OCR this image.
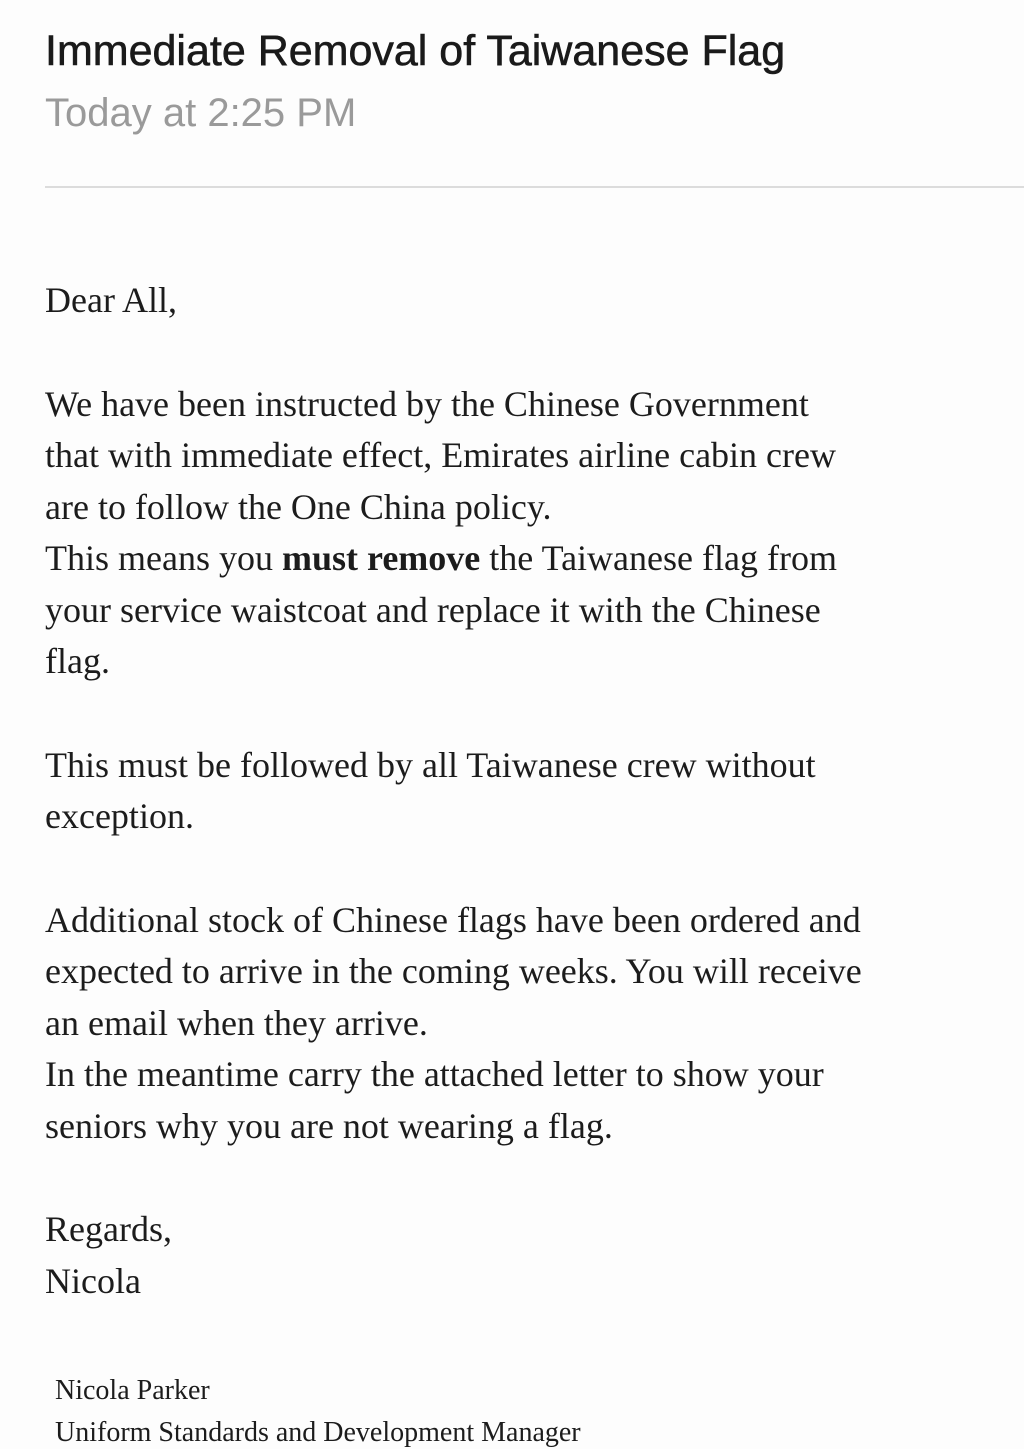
Immediate Removal of Taiwanese Flag
Today at 2:25 PM

Dear All,

We have been instructed by the Chinese Government
that with immediate effect, Emirates airline cabin crew
are to follow the One China policy.

This means you must remove the Taiwanese flag from
your service waistcoat and replace it with the Chinese
flag.

This must be followed by all Taiwanese crew without
exception.

Additional stock of Chinese flags have been ordered and
expected to arrive in the coming weeks. You will receive
an email when they arrive.

In the meantime carry the attached letter to show your
seniors why you are not wearing a flag.

Regards,

Nicola

Nicola Parker
Uniform Standards and Development Manager
